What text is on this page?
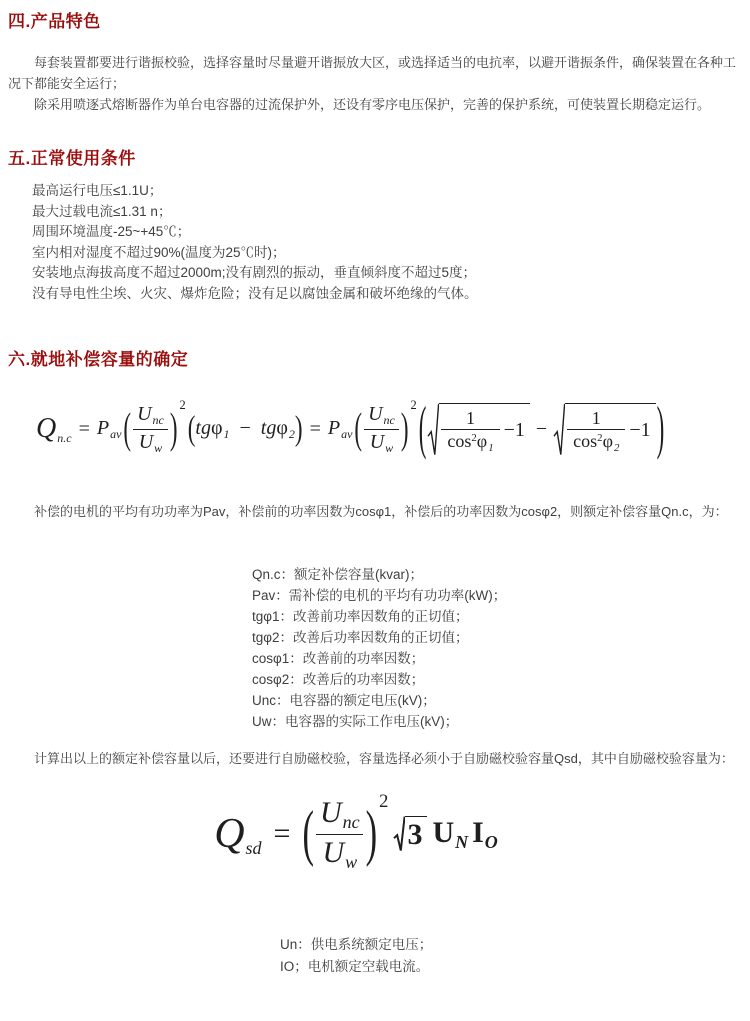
四.产品特色

每套装置都要进行谐振校验，选择容量时尽量避开谐振放大区，或选择适当的电抗率，以避开谐振条件，确保装置在各种工况下都能安全运行；

除采用喷逐式熔断器作为单台电容器的过流保护外，还设有零序电压保护，完善的保护系统，可使装置长期稳定运行。

五.正常使用条件
最高运行电压≤1.1U；
最大过载电流≤1.31 n；
周围环境温度-25~+45℃；
室内相对湿度不超过90%(温度为25℃时)；
安装地点海拔高度不超过2000m;没有剧烈的振动，垂直倾斜度不超过5度；
没有导电性尘埃、火灾、爆炸危险；没有足以腐蚀金属和破坏绝缘的气体。
六.就地补偿容量的确定
$Q_{n.c} = P_{av}$ ( $\frac{U_{nc}}{U_w}$ ) 2
( tgφ$_1$ − tgφ$_2$ ) = $P_{av}$ ( $\frac{U_{nc}}{U_w}$ ) 2 ( $\frac{1}{\cos^2\varphi_1} -1 - \frac{1}{\cos^2\varphi_2} -1$ )

补偿的电机的平均有功功率为Pav，补偿前的功率因数为cosφ1，补偿后的功率因数为cosφ2，则额定补偿容量Qn.c，为：

Qn.c：额定补偿容量(kvar)；
Pav：需补偿的电机的平均有功功率(kW)；
tgφ1：改善前功率因数角的正切值；
tgφ2：改善后功率因数角的正切值；
cosφ1：改善前的功率因数；
cosφ2：改善后的功率因数；
Unc：电容器的额定电压(kV)；
Uw：电容器的实际工作电压(kV)；

计算出以上的额定补偿容量以后，还要进行自励磁校验，容量选择必须小于自励磁校验容量Qsd，其中自励磁校验容量为：

$Q_{sd}$ = ( $\frac{U_{nc}}{U_w}$ ) 2
3 $U_N$ $I_O$
Un：供电系统额定电压；
IO；电机额定空载电流。
